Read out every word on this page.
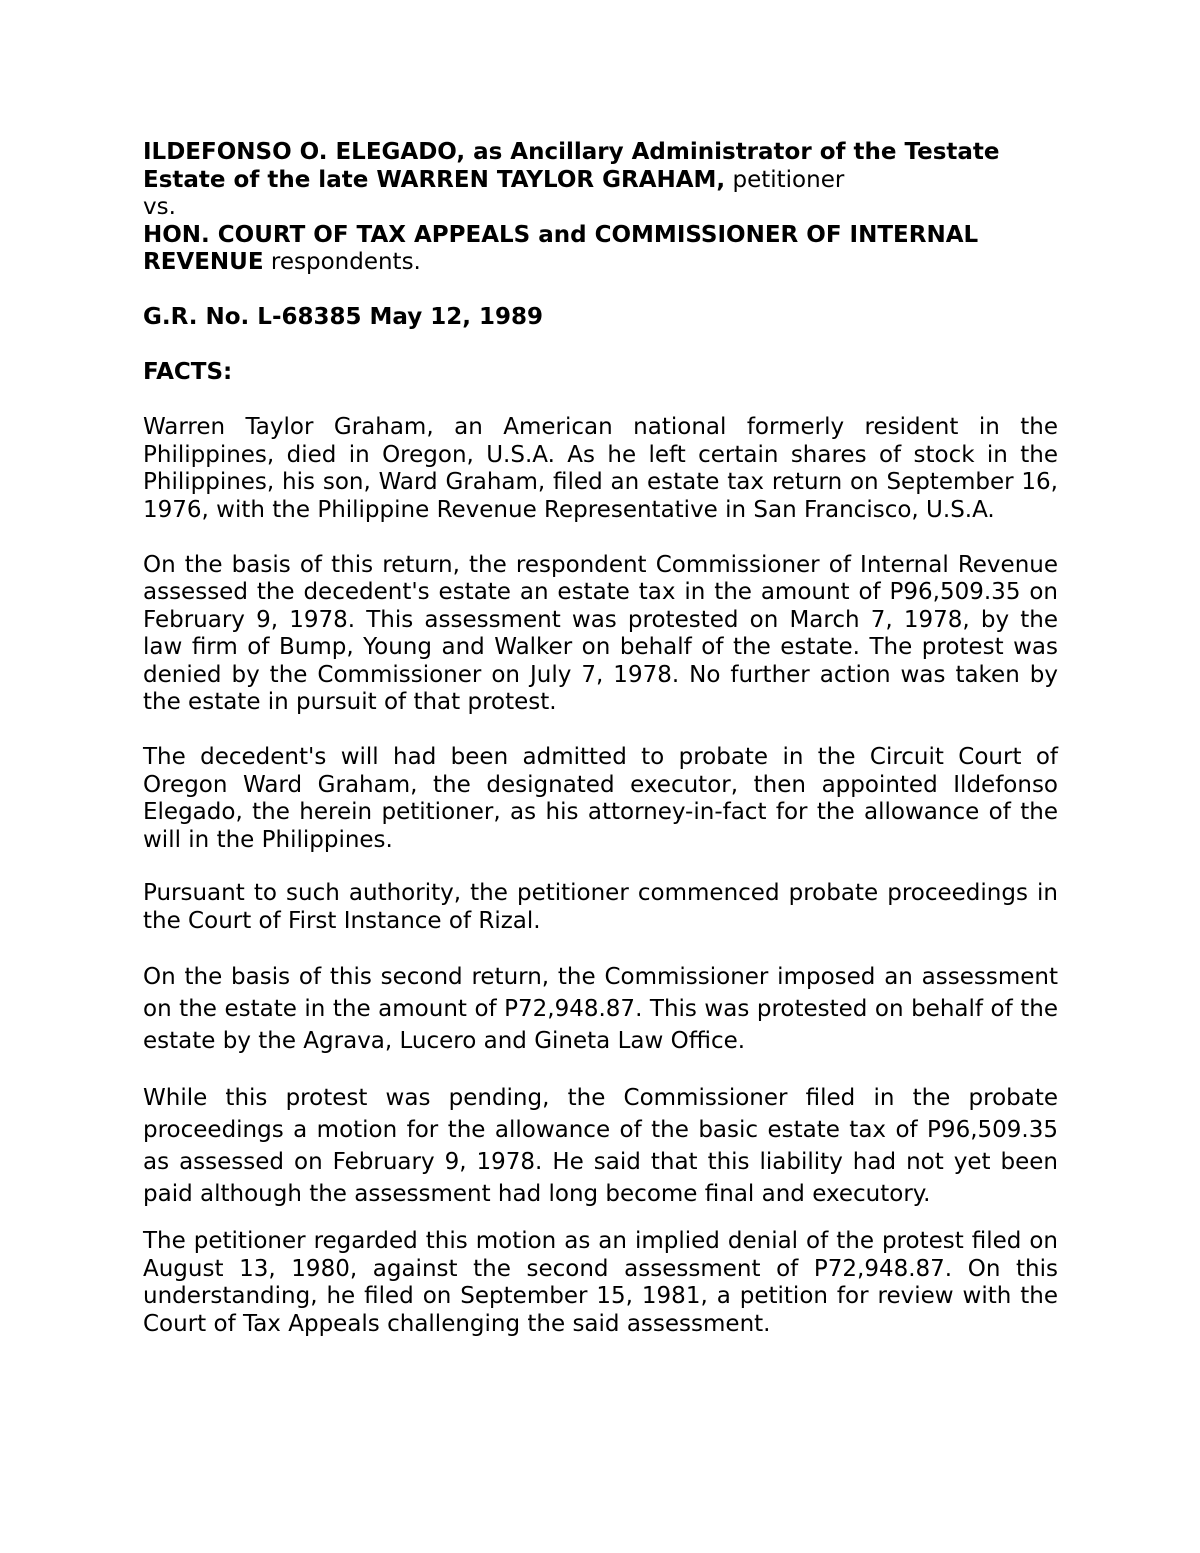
ILDEFONSO O. ELEGADO, as Ancillary Administrator of the Testate Estate of the late WARREN TAYLOR GRAHAM, petitioner

vs.

HON. COURT OF TAX APPEALS and COMMISSIONER OF INTERNAL REVENUE respondents.

G.R. No. L-68385 May 12, 1989

FACTS:

Warren Taylor Graham, an American national formerly resident in the Philippines, died in Oregon, U.S.A. As he left certain shares of stock in the Philippines, his son, Ward Graham, filed an estate tax return on September 16, 1976, with the Philippine Revenue Representative in San Francisco, U.S.A.

On the basis of this return, the respondent Commissioner of Internal Revenue assessed the decedent's estate an estate tax in the amount of P96,509.35 on February 9, 1978. This assessment was protested on March 7, 1978, by the law firm of Bump, Young and Walker on behalf of the estate. The protest was denied by the Commissioner on July 7, 1978. No further action was taken by the estate in pursuit of that protest.

The decedent's will had been admitted to probate in the Circuit Court of Oregon Ward Graham, the designated executor, then appointed Ildefonso Elegado, the herein petitioner, as his attorney-in-fact for the allowance of the will in the Philippines.

Pursuant to such authority, the petitioner commenced probate proceedings in the Court of First Instance of Rizal.

On the basis of this second return, the Commissioner imposed an assessment on the estate in the amount of P72,948.87. This was protested on behalf of the estate by the Agrava, Lucero and Gineta Law Office.

While this protest was pending, the Commissioner filed in the probate proceedings a motion for the allowance of the basic estate tax of P96,509.35 as assessed on February 9, 1978. He said that this liability had not yet been paid although the assessment had long become final and executory.

The petitioner regarded this motion as an implied denial of the protest filed on August 13, 1980, against the second assessment of P72,948.87. On this understanding, he filed on September 15, 1981, a petition for review with the Court of Tax Appeals challenging the said assessment.
